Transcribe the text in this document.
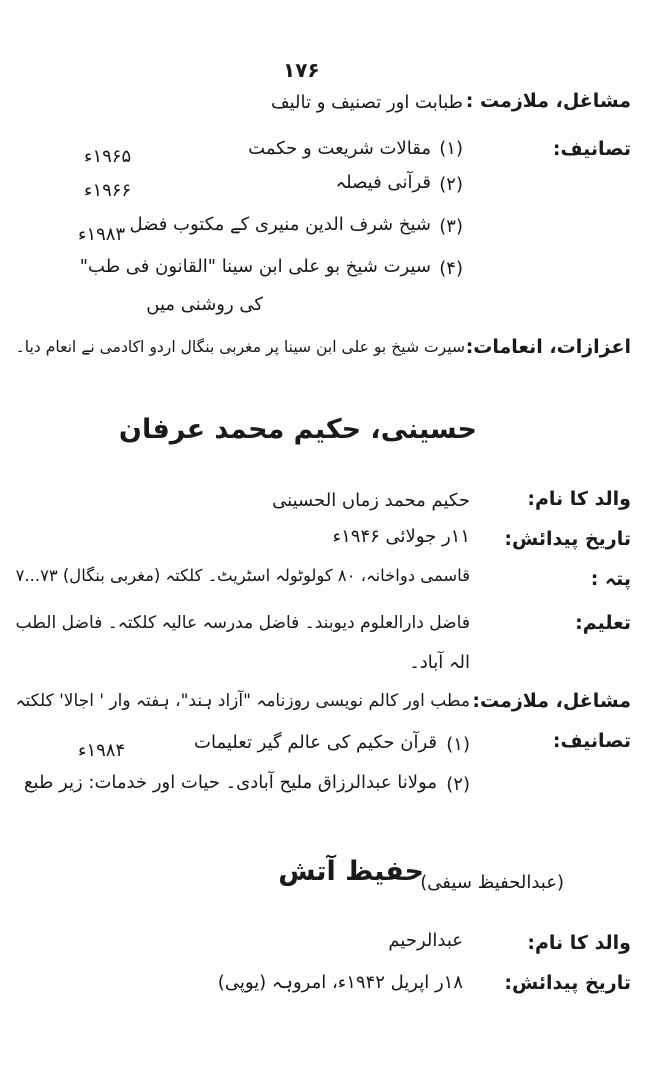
۱۷۶
مشاغل، ملازمت :
طبابت اور تصنیف و تالیف
تصانیف:
(۱)
مقالات شریعت و حکمت
۱۹۶۵ء
(۲)
قرآنی فیصلہ
۱۹۶۶ء
(۳)
شیخ شرف الدین منیری کے مکتوب فضل
۱۹۸۳ء
(۴)
سیرت شیخ بو علی ابن سینا "القانون فی طب"
کی روشنی میں
اعزازات، انعامات:
سیرت شیخ بو علی ابن سینا پر مغربی بنگال اردو اکادمی نے انعام دیا۔
حسینی، حکیم محمد عرفان
والد کا نام:
حکیم محمد زماں الحسینی
تاریخ پیدائش:
۱۱ر جولائی ۱۹۴۶ء
پتہ :
قاسمی دواخانہ، ۸۰ کولوٹولہ اسٹریٹ۔ کلکتہ (مغربی بنگال) ۷۳...۷
تعلیم:
فاضل دارالعلوم دیوبند۔ فاضل مدرسہ عالیہ کلکتہ۔ فاضل الطب
الہ آباد۔
مشاغل، ملازمت:
مطب اور کالم نویسی روزنامہ "آزاد ہند"، ہفتہ وار ' اجالا' کلکتہ
تصانیف:
(۱)
قرآن حکیم کی عالم گیر تعلیمات
۱۹۸۴ء
(۲)
مولانا عبدالرزاق ملیح آبادی۔ حیات اور خدمات: زیر طبع
حفیظ آتش
(عبدالحفیظ سیفی)
والد کا نام:
عبدالرحیم
تاریخ پیدائش:
۱۸ر اپریل ۱۹۴۲ء، امروہہ (یوپی)
